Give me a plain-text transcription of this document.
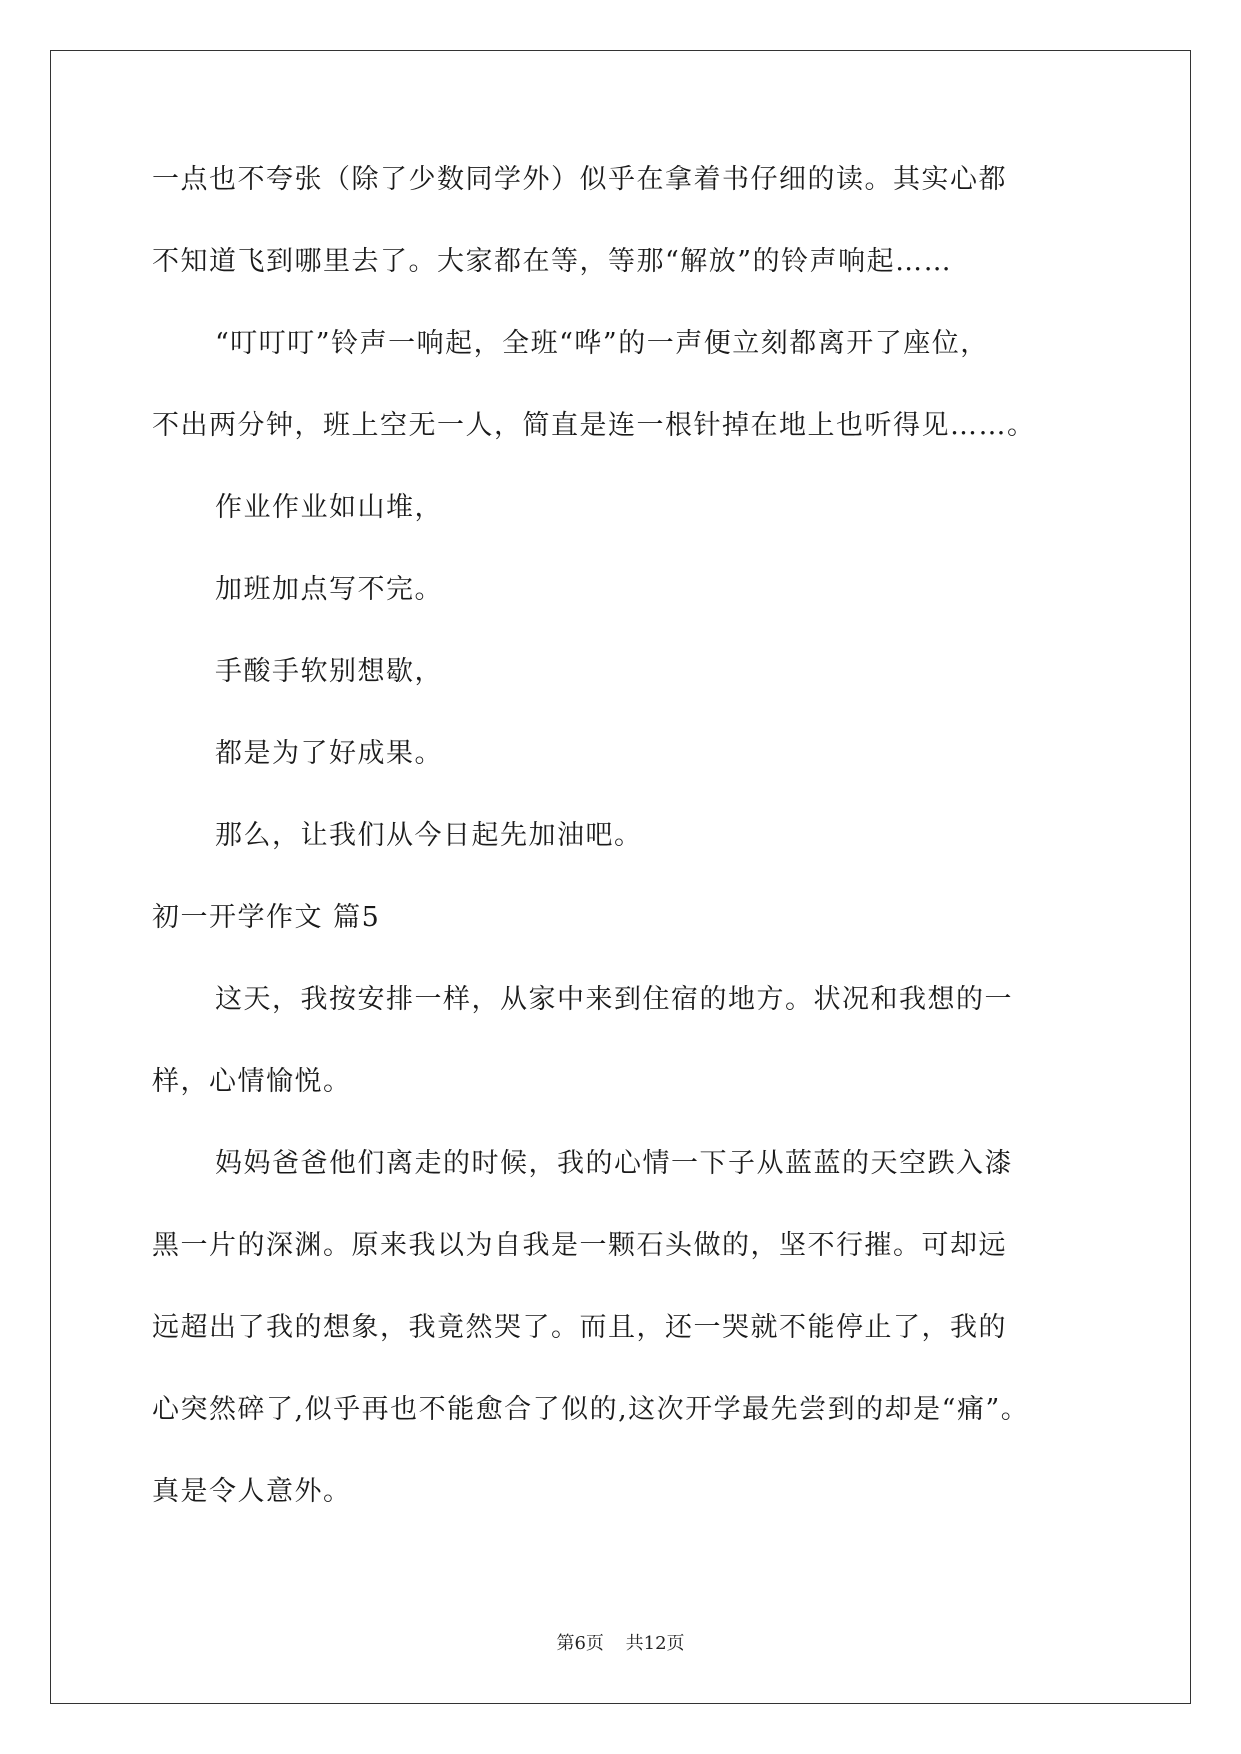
一点也不夸张（除了少数同学外）似乎在拿着书仔细的读。其实心都
不知道飞到哪里去了。大家都在等，等那“解放”的铃声响起……
“叮叮叮”铃声一响起，全班“哗”的一声便立刻都离开了座位，
不出两分钟，班上空无一人，简直是连一根针掉在地上也听得见……。
作业作业如山堆，
加班加点写不完。
手酸手软别想歇，
都是为了好成果。
那么，让我们从今日起先加油吧。
初一开学作文 篇5
这天，我按安排一样，从家中来到住宿的地方。状况和我想的一
样，心情愉悦。
妈妈爸爸他们离走的时候，我的心情一下子从蓝蓝的天空跌入漆
黑一片的深渊。原来我以为自我是一颗石头做的，坚不行摧。可却远
远超出了我的想象，我竟然哭了。而且，还一哭就不能停止了，我的
心突然碎了,似乎再也不能愈合了似的,这次开学最先尝到的却是“痛”。
真是令人意外。
第6页 共12页
